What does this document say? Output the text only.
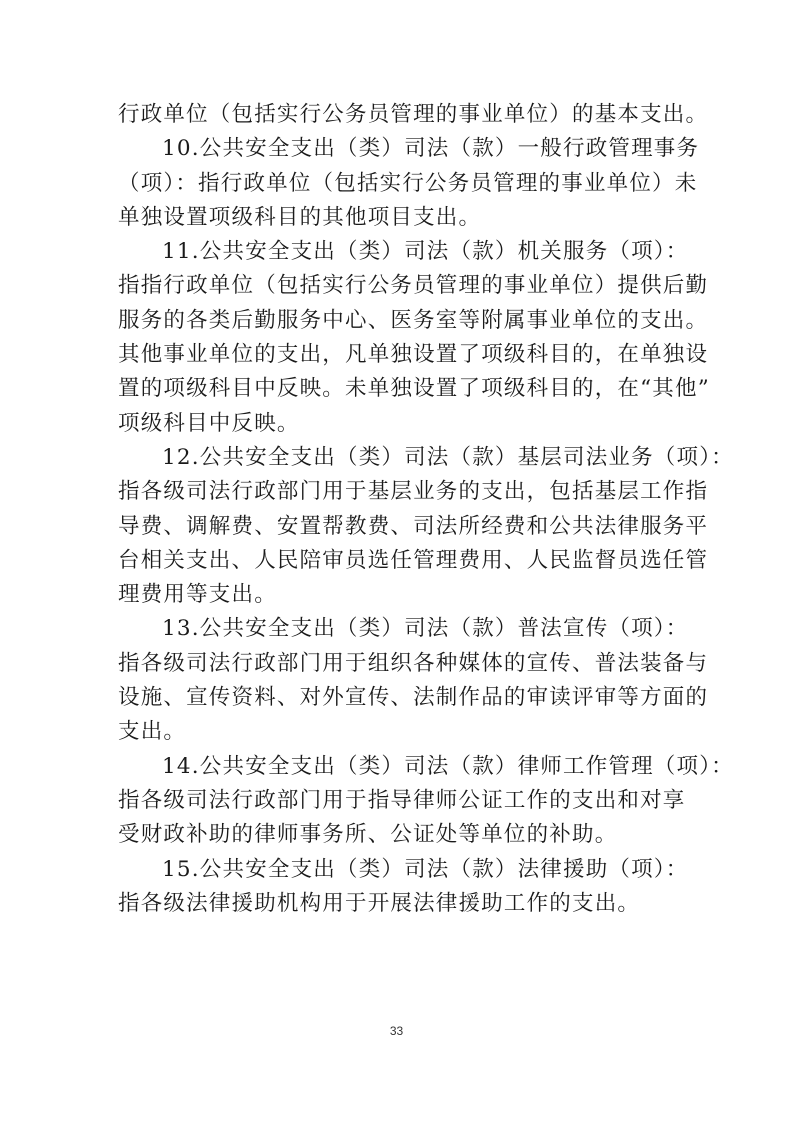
行政单位（包括实行公务员管理的事业单位）的基本支出。
10.公共安全支出（类）司法（款）一般行政管理事务
（项）：指行政单位（包括实行公务员管理的事业单位）未
单独设置项级科目的其他项目支出。
11.公共安全支出（类）司法（款）机关服务（项）：
指指行政单位（包括实行公务员管理的事业单位）提供后勤
服务的各类后勤服务中心、医务室等附属事业单位的支出。
其他事业单位的支出，凡单独设置了项级科目的，在单独设
置的项级科目中反映。未单独设置了项级科目的，在“其他”
项级科目中反映。
12.公共安全支出（类）司法（款）基层司法业务（项）：
指各级司法行政部门用于基层业务的支出，包括基层工作指
导费、调解费、安置帮教费、司法所经费和公共法律服务平
台相关支出、人民陪审员选任管理费用、人民监督员选任管
理费用等支出。
13.公共安全支出（类）司法（款）普法宣传（项）：
指各级司法行政部门用于组织各种媒体的宣传、普法装备与
设施、宣传资料、对外宣传、法制作品的审读评审等方面的
支出。
14.公共安全支出（类）司法（款）律师工作管理（项）：
指各级司法行政部门用于指导律师公证工作的支出和对享
受财政补助的律师事务所、公证处等单位的补助。
15.公共安全支出（类）司法（款）法律援助（项）：
指各级法律援助机构用于开展法律援助工作的支出。
33
